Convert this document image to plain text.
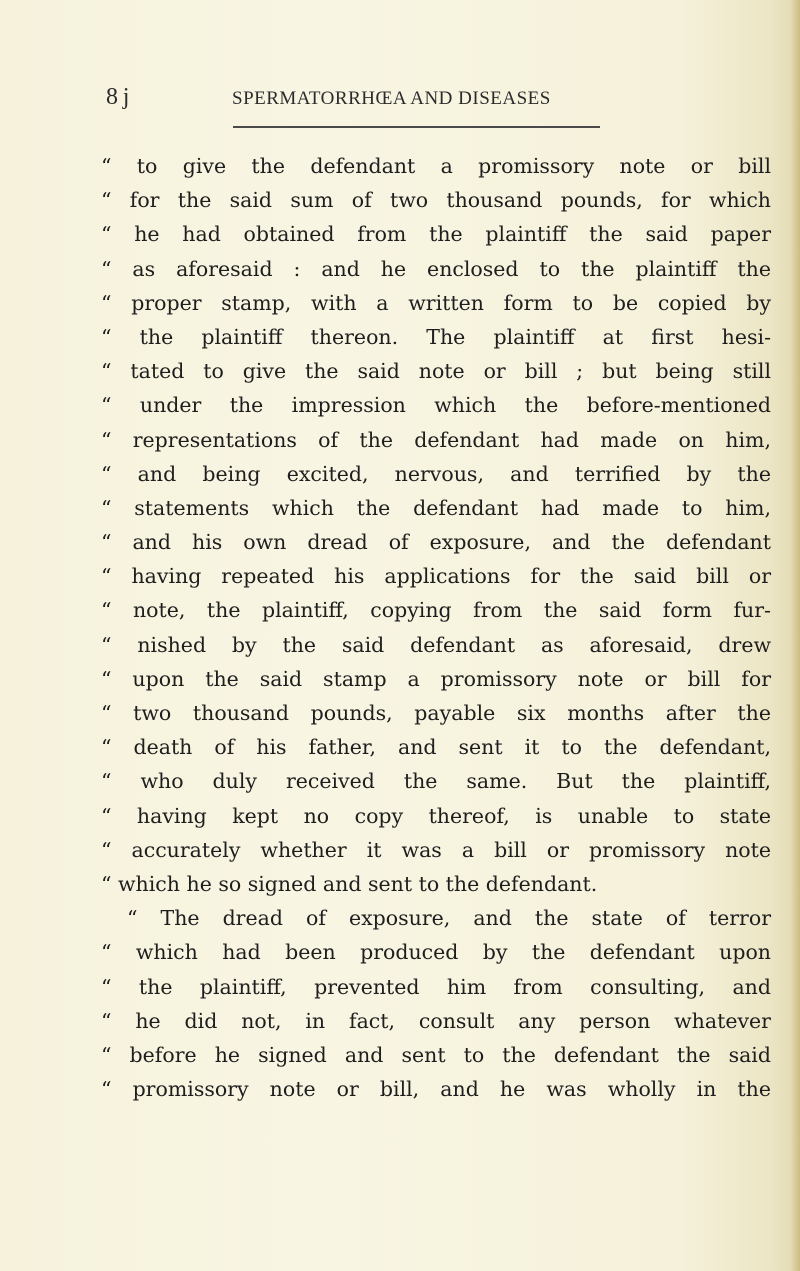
8 j	SPERMATORRHŒA AND DISEASES
“ to give the defendant a promissory note or bill
“ for the said sum of two thousand pounds, for which
“ he had obtained from the plaintiff the said paper
“ as aforesaid : and he enclosed to the plaintiff the
“ proper stamp, with a written form to be copied by
“ the plaintiff thereon. The plaintiff at first hesi-
“ tated to give the said note or bill ; but being still
“ under the impression which the before-mentioned
“ representations of the defendant had made on him,
“ and being excited, nervous, and terrified by the
“ statements which the defendant had made to him,
“ and his own dread of exposure, and the defendant
“ having repeated his applications for the said bill or
“ note, the plaintiff, copying from the said form fur-
“ nished by the said defendant as aforesaid, drew
“ upon the said stamp a promissory note or bill for
“ two thousand pounds, payable six months after the
“ death of his father, and sent it to the defendant,
“ who duly received the same. But the plaintiff,
“ having kept no copy thereof, is unable to state
“ accurately whether it was a bill or promissory note
“ which he so signed and sent to the defendant.
“ The dread of exposure, and the state of terror
“ which had been produced by the defendant upon
“ the plaintiff, prevented him from consulting, and
“ he did not, in fact, consult any person whatever
“ before he signed and sent to the defendant the said
“ promissory note or bill, and he was wholly in the
